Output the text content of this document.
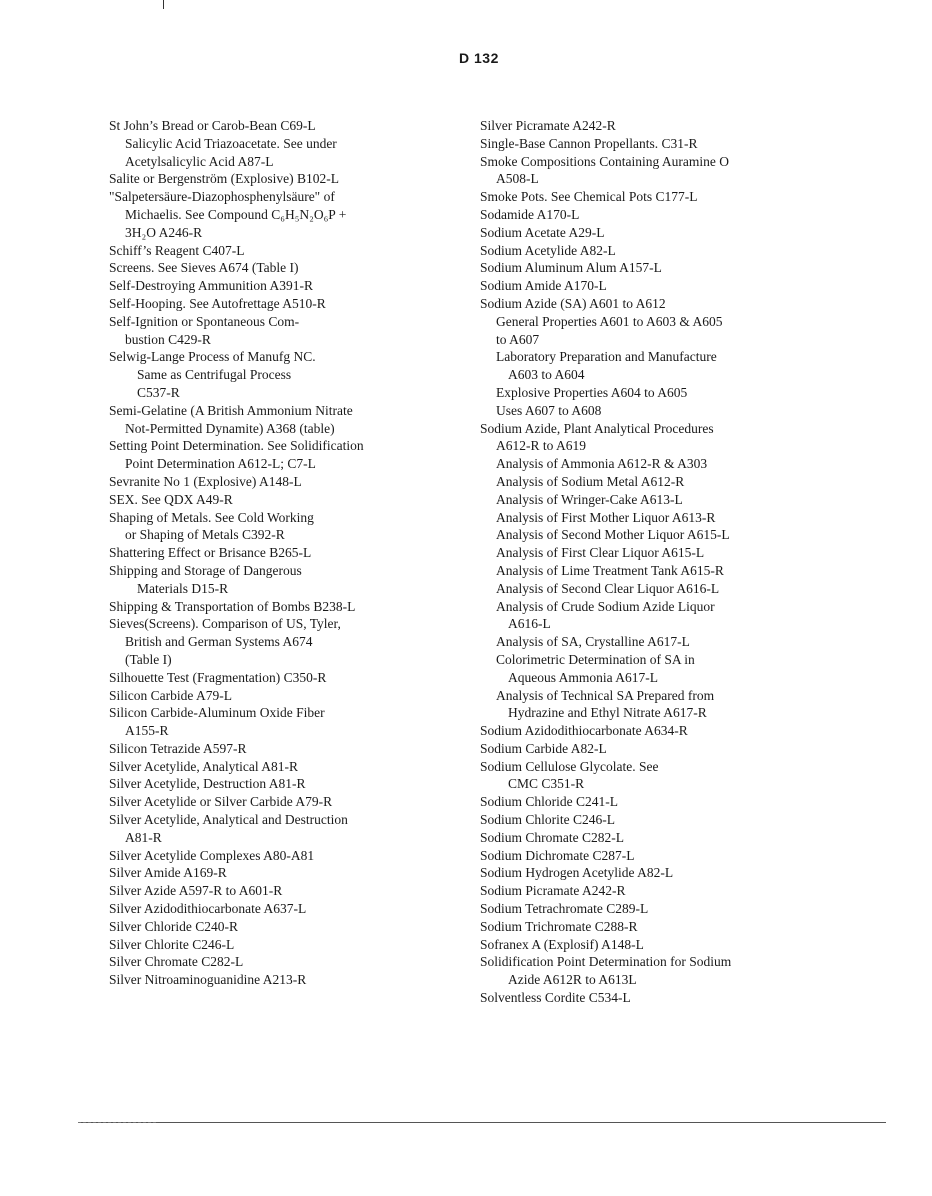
D 132
St John’s Bread or Carob-Bean C69-L
Salicylic Acid Triazoacetate. See under
Acetylsalicylic Acid A87-L
Salite or Bergenström (Explosive) B102-L
"Salpetersäure-Diazophosphenylsäure" of
Michaelis. See Compound C₆H₅N₂O₆P +
3H₂O A246-R
Schiff’s Reagent C407-L
Screens. See Sieves A674 (Table I)
Self-Destroying Ammunition A391-R
Self-Hooping. See Autofrettage A510-R
Self-Ignition or Spontaneous Com-
bustion C429-R
Selwig-Lange Process of Manufg NC.
Same as Centrifugal Process
C537-R
Semi-Gelatine (A British Ammonium Nitrate
Not-Permitted Dynamite) A368 (table)
Setting Point Determination. See Solidification
Point Determination A612-L; C7-L
Sevranite No 1 (Explosive) A148-L
SEX. See QDX A49-R
Shaping of Metals. See Cold Working
or Shaping of Metals C392-R
Shattering Effect or Brisance B265-L
Shipping and Storage of Dangerous
Materials D15-R
Shipping & Transportation of Bombs B238-L
Sieves(Screens). Comparison of US, Tyler,
British and German Systems A674
(Table I)
Silhouette Test (Fragmentation) C350-R
Silicon Carbide A79-L
Silicon Carbide-Aluminum Oxide Fiber
A155-R
Silicon Tetrazide A597-R
Silver Acetylide, Analytical A81-R
Silver Acetylide, Destruction A81-R
Silver Acetylide or Silver Carbide A79-R
Silver Acetylide, Analytical and Destruction
A81-R
Silver Acetylide Complexes A80-A81
Silver Amide A169-R
Silver Azide A597-R to A601-R
Silver Azidodithiocarbonate A637-L
Silver Chloride C240-R
Silver Chlorite C246-L
Silver Chromate C282-L
Silver Nitroaminoguanidine A213-R
Silver Picramate A242-R
Single-Base Cannon Propellants. C31-R
Smoke Compositions Containing Auramine O
A508-L
Smoke Pots. See Chemical Pots C177-L
Sodamide A170-L
Sodium Acetate A29-L
Sodium Acetylide A82-L
Sodium Aluminum Alum A157-L
Sodium Amide A170-L
Sodium Azide (SA) A601 to A612
General Properties A601 to A603 & A605
to A607
Laboratory Preparation and Manufacture
A603 to A604
Explosive Properties A604 to A605
Uses A607 to A608
Sodium Azide, Plant Analytical Procedures
A612-R to A619
Analysis of Ammonia A612-R & A303
Analysis of Sodium Metal A612-R
Analysis of Wringer-Cake A613-L
Analysis of First Mother Liquor A613-R
Analysis of Second Mother Liquor A615-L
Analysis of First Clear Liquor A615-L
Analysis of Lime Treatment Tank A615-R
Analysis of Second Clear Liquor A616-L
Analysis of Crude Sodium Azide Liquor
A616-L
Analysis of SA, Crystalline A617-L
Colorimetric Determination of SA in
Aqueous Ammonia A617-L
Analysis of Technical SA Prepared from
Hydrazine and Ethyl Nitrate A617-R
Sodium Azidodithiocarbonate A634-R
Sodium Carbide A82-L
Sodium Cellulose Glycolate. See
CMC C351-R
Sodium Chloride C241-L
Sodium Chlorite C246-L
Sodium Chromate C282-L
Sodium Dichromate C287-L
Sodium Hydrogen Acetylide A82-L
Sodium Picramate A242-R
Sodium Tetrachromate C289-L
Sodium Trichromate C288-R
Sofranex A (Explosif) A148-L
Solidification Point Determination for Sodium
Azide A612R to A613L
Solventless Cordite C534-L
